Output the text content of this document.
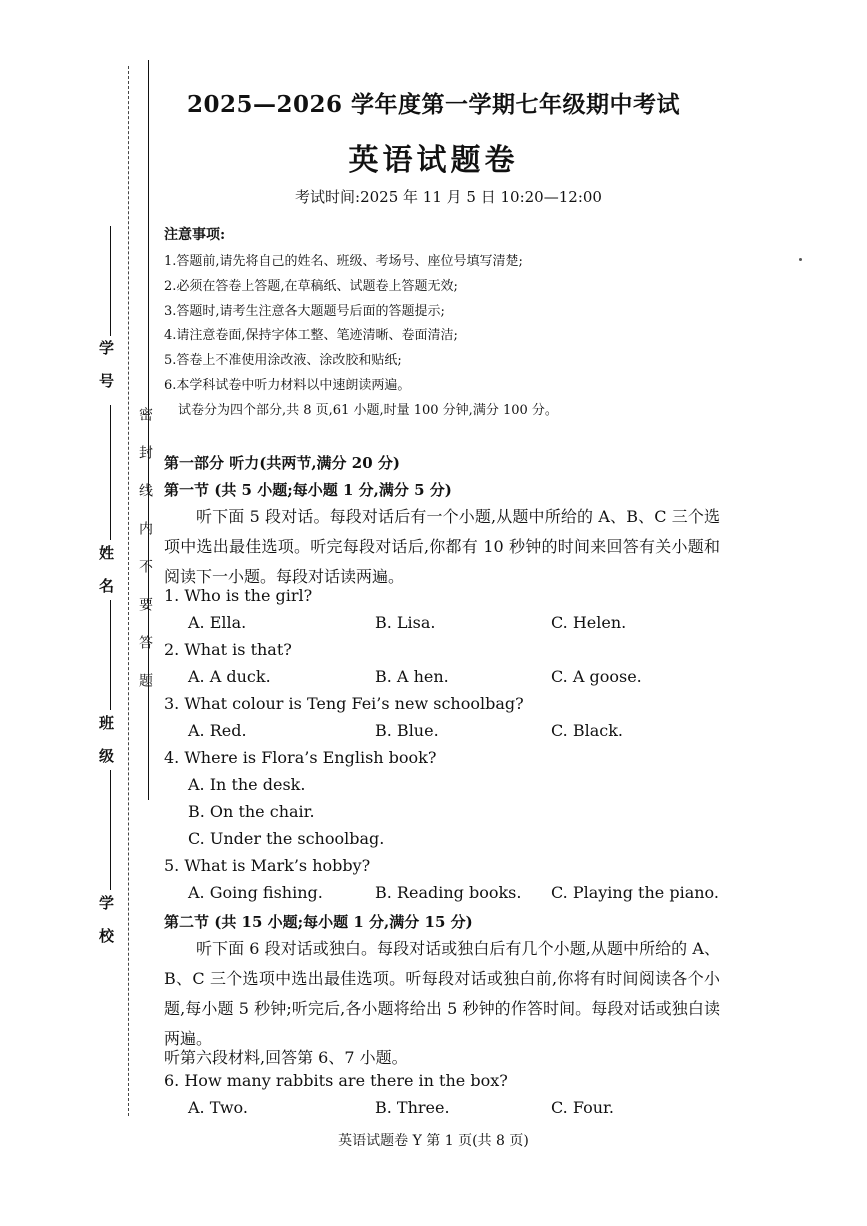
学号
姓名
班级
学校
密封线内不要答题
2025—2026 学年度第一学期七年级期中考试
英语试题卷
考试时间:2025 年 11 月 5 日 10:20—12:00
注意事项:
1.答题前,请先将自己的姓名、班级、考场号、座位号填写清楚;
2.必须在答卷上答题,在草稿纸、试题卷上答题无效;
3.答题时,请考生注意各大题题号后面的答题提示;
4.请注意卷面,保持字体工整、笔迹清晰、卷面清洁;
5.答卷上不准使用涂改液、涂改胶和贴纸;
6.本学科试卷中听力材料以中速朗读两遍。
试卷分为四个部分,共 8 页,61 小题,时量 100 分钟,满分 100 分。
第一部分 听力(共两节,满分 20 分)
第一节 (共 5 小题;每小题 1 分,满分 5 分)
听下面 5 段对话。每段对话后有一个小题,从题中所给的 A、B、C 三个选项中选出最佳选项。听完每段对话后,你都有 10 秒钟的时间来回答有关小题和阅读下一小题。每段对话读两遍。
1. Who is the girl?
A. Ella.	B. Lisa.	C. Helen.
2. What is that?
A. A duck.	B. A hen.	C. A goose.
3. What colour is Teng Fei’s new schoolbag?
A. Red.	B. Blue.	C. Black.
4. Where is Flora’s English book?
A. In the desk.
B. On the chair.
C. Under the schoolbag.
5. What is Mark’s hobby?
A. Going fishing.	B. Reading books. C. Playing the piano.
第二节 (共 15 小题;每小题 1 分,满分 15 分)
听下面 6 段对话或独白。每段对话或独白后有几个小题,从题中所给的 A、B、C 三个选项中选出最佳选项。听每段对话或独白前,你将有时间阅读各个小题,每小题 5 秒钟;听完后,各小题将给出 5 秒钟的作答时间。每段对话或独白读两遍。
听第六段材料,回答第 6、7 小题。
6. How many rabbits are there in the box?
A. Two.	B. Three.	C. Four.
英语试题卷 Y 第 1 页(共 8 页)
